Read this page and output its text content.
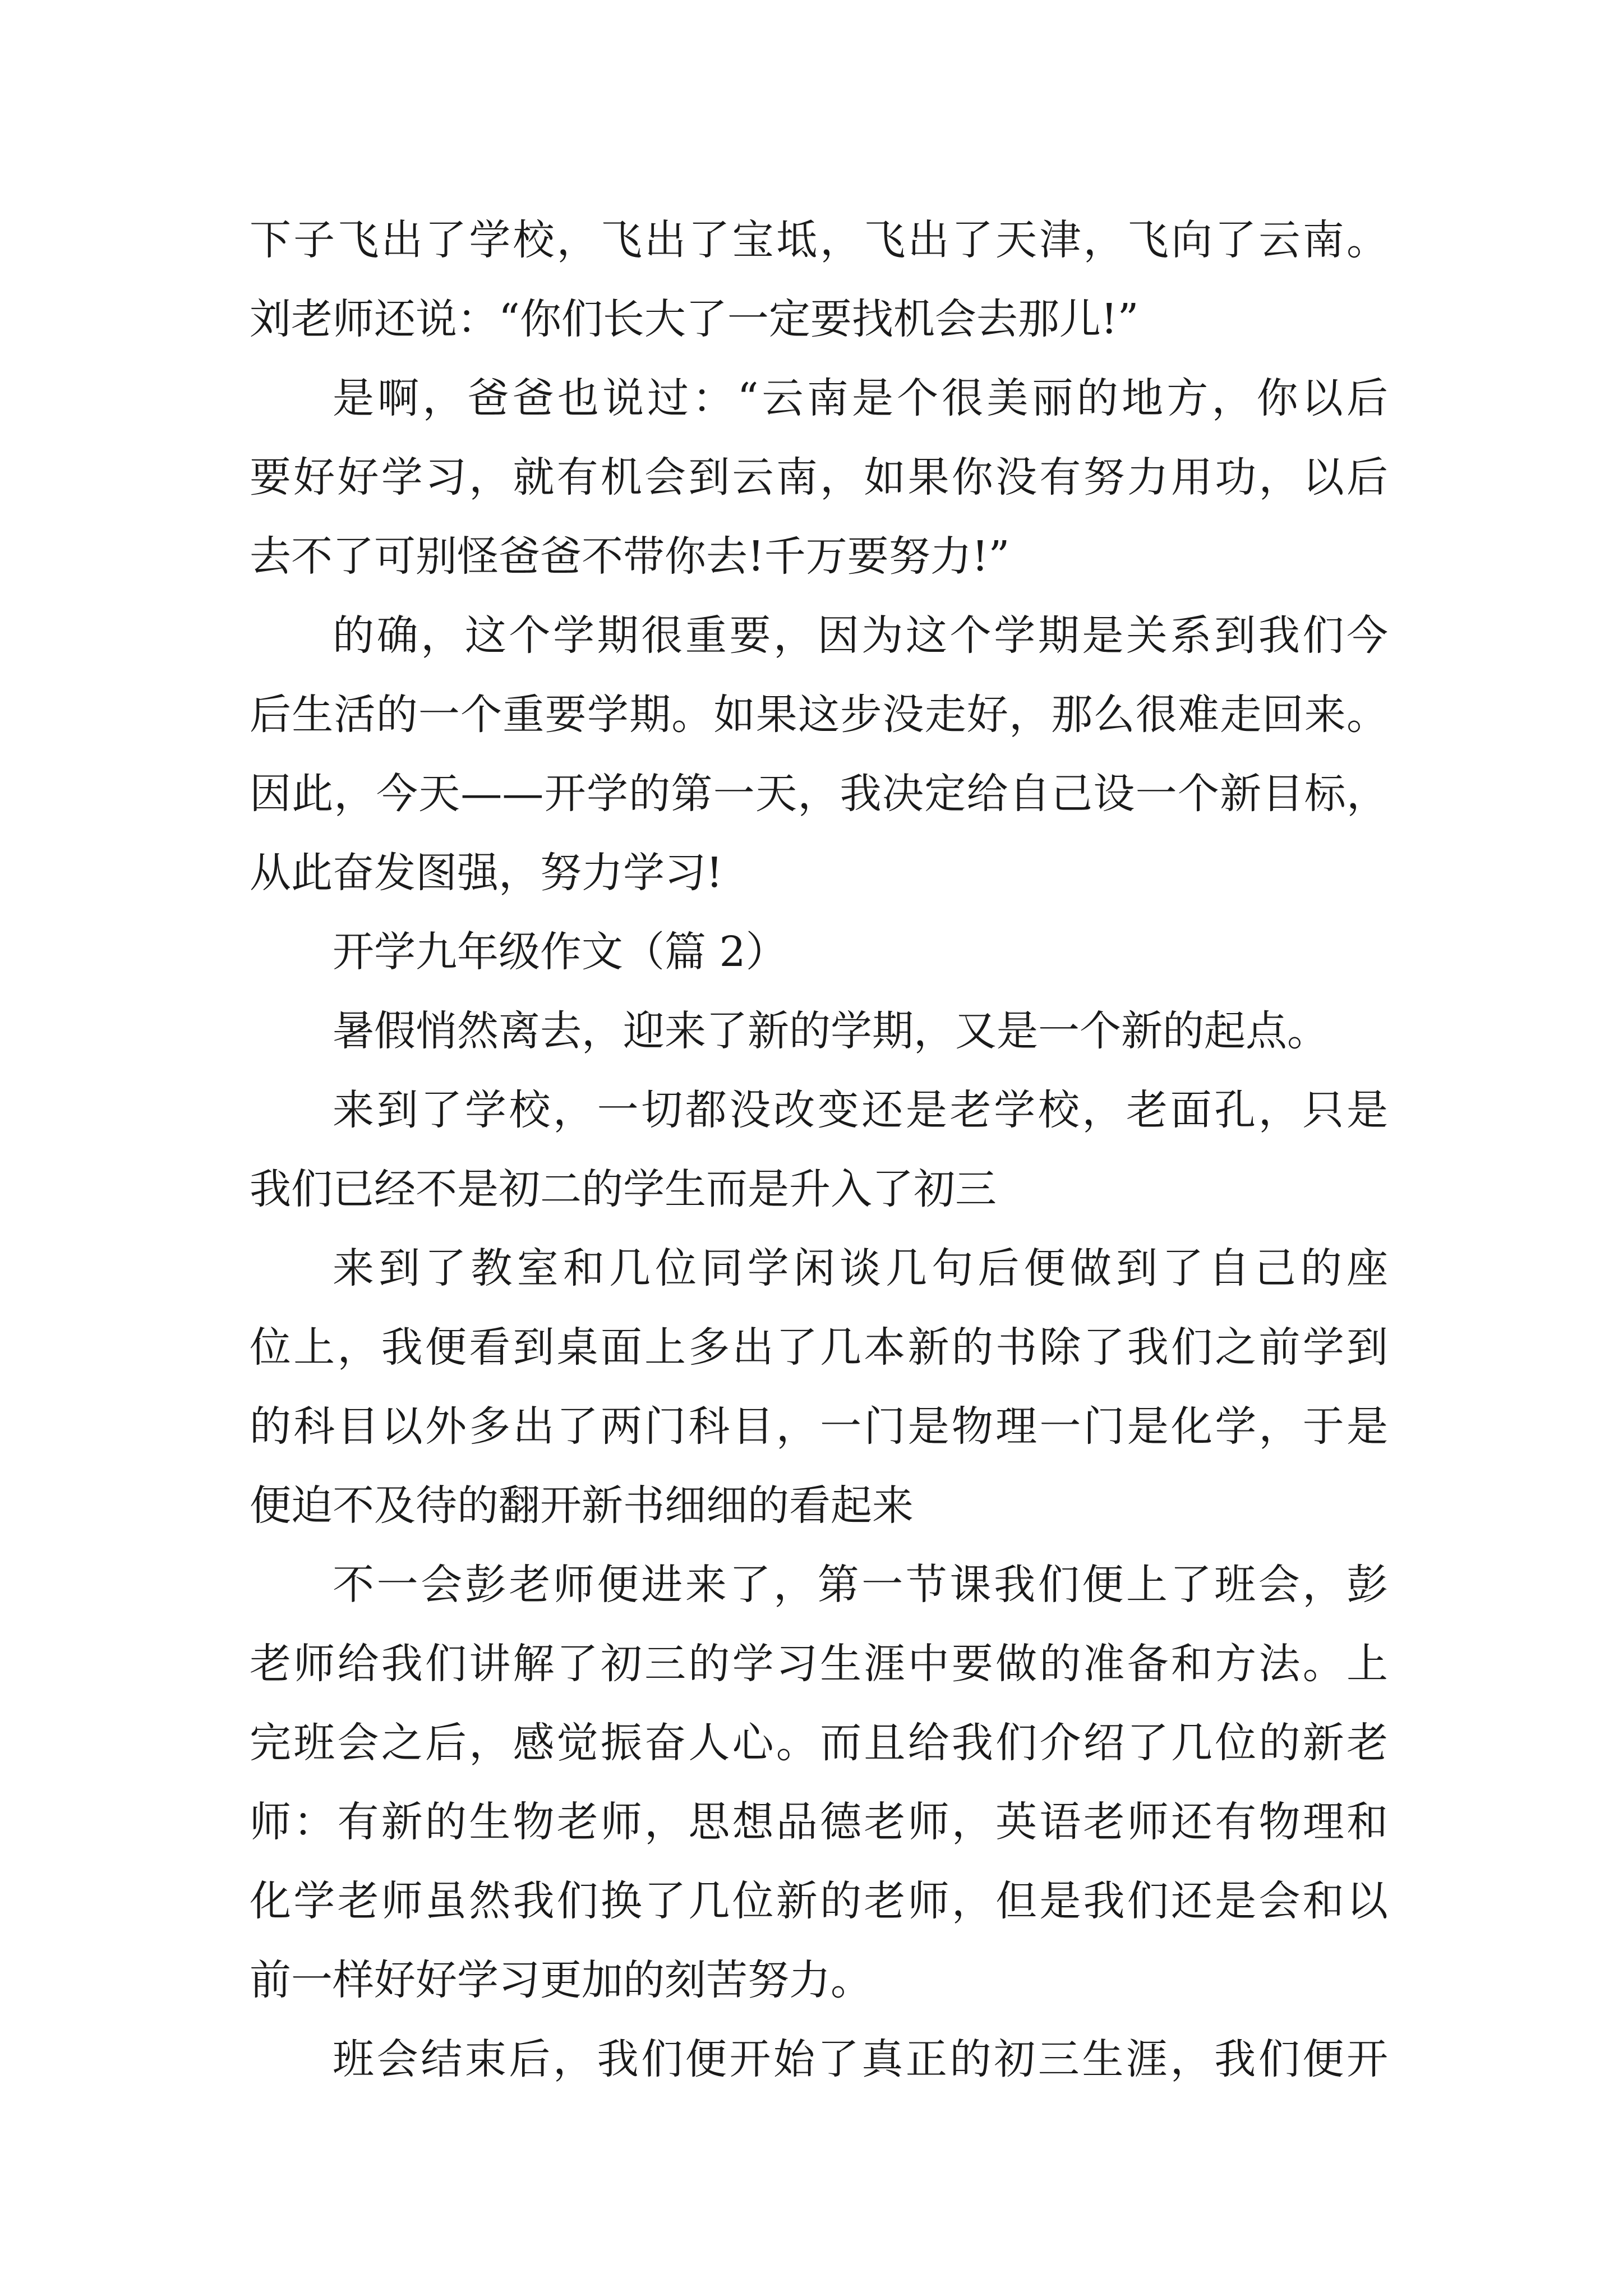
下子飞出了学校，飞出了宝坻，飞出了天津，飞向了云南。
刘老师还说：“你们长大了一定要找机会去那儿!”
是啊，爸爸也说过：“云南是个很美丽的地方，你以后
要好好学习，就有机会到云南，如果你没有努力用功，以后
去不了可别怪爸爸不带你去!千万要努力!”
的确，这个学期很重要，因为这个学期是关系到我们今
后生活的一个重要学期。如果这步没走好，那么很难走回来。
因此，今天——开学的第一天，我决定给自己设一个新目标，
从此奋发图强，努力学习!
开学九年级作文（篇 2）
暑假悄然离去，迎来了新的学期，又是一个新的起点。
来到了学校，一切都没改变还是老学校，老面孔，只是
我们已经不是初二的学生而是升入了初三
来到了教室和几位同学闲谈几句后便做到了自己的座
位上，我便看到桌面上多出了几本新的书除了我们之前学到
的科目以外多出了两门科目，一门是物理一门是化学，于是
便迫不及待的翻开新书细细的看起来
不一会彭老师便进来了，第一节课我们便上了班会，彭
老师给我们讲解了初三的学习生涯中要做的准备和方法。上
完班会之后，感觉振奋人心。而且给我们介绍了几位的新老
师：有新的生物老师，思想品德老师，英语老师还有物理和
化学老师虽然我们换了几位新的老师，但是我们还是会和以
前一样好好学习更加的刻苦努力。
班会结束后，我们便开始了真正的初三生涯，我们便开
